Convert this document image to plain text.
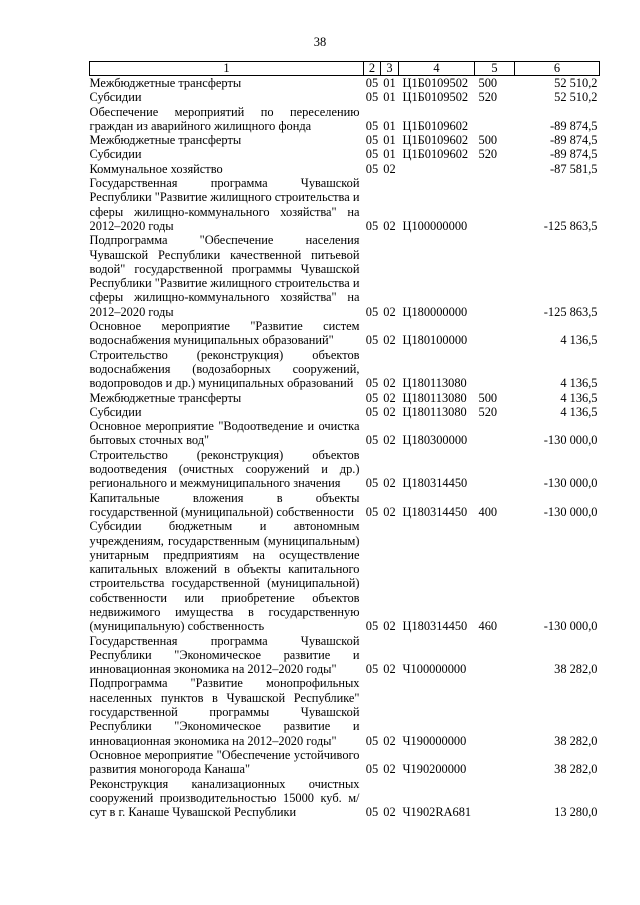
38
1	2	3	4	5	6
Межбюджетные трансферты	05	01	Ц1Б0109502	500	52 510,2
Субсидии	05	01	Ц1Б0109502	520	52 510,2
Обеспечение мероприятий по переселению граждан из аварийного жилищного фонда	05	01	Ц1Б0109602		-89 874,5
Межбюджетные трансферты	05	01	Ц1Б0109602	500	-89 874,5
Субсидии	05	01	Ц1Б0109602	520	-89 874,5
Коммунальное хозяйство	05	02			-87 581,5
Государственная программа Чувашской Республики "Развитие жилищного строительства и сферы жилищно-коммунального хозяйства" на 2012–2020 годы	05	02	Ц100000000		-125 863,5
Подпрограмма "Обеспечение населения Чувашской Республики качественной питьевой водой" государственной программы Чувашской Республики "Развитие жилищного строительства и сферы жилищно-коммунального хозяйства" на 2012–2020 годы	05	02	Ц180000000		-125 863,5
Основное мероприятие "Развитие систем водоснабжения муниципальных образований"	05	02	Ц180100000		4 136,5
Строительство (реконструкция) объектов водоснабжения (водозаборных сооружений, водопроводов и др.) муниципальных образований	05	02	Ц180113080		4 136,5
Межбюджетные трансферты	05	02	Ц180113080	500	4 136,5
Субсидии	05	02	Ц180113080	520	4 136,5
Основное мероприятие "Водоотведение и очистка бытовых сточных вод"	05	02	Ц180300000		-130 000,0
Строительство (реконструкция) объектов водоотведения (очистных сооружений и др.) регионального и межмуниципального значения	05	02	Ц180314450		-130 000,0
Капитальные вложения в объекты государственной (муниципальной) собственности	05	02	Ц180314450	400	-130 000,0
Субсидии бюджетным и автономным учреждениям, государственным (муниципальным) унитарным предприятиям на осуществление капитальных вложений в объекты капитального строительства государственной (муниципальной) собственности или приобретение объектов недвижимого имущества в государственную (муниципальную) собственность	05	02	Ц180314450	460	-130 000,0
Государственная программа Чувашской Республики "Экономическое развитие и инновационная экономика на 2012–2020 годы"	05	02	Ч100000000		38 282,0
Подпрограмма "Развитие монопрофильных населенных пунктов в Чувашской Республике" государственной программы Чувашской Республики "Экономическое развитие и инновационная экономика на 2012–2020 годы"	05	02	Ч190000000		38 282,0
Основное мероприятие "Обеспечение устойчивого развития моногорода Канаша"	05	02	Ч190200000		38 282,0
Реконструкция канализационных очистных сооружений производительностью 15000 куб. м/сут в г. Канаше Чувашской Республики	05	02	Ч1902RA681		13 280,0
